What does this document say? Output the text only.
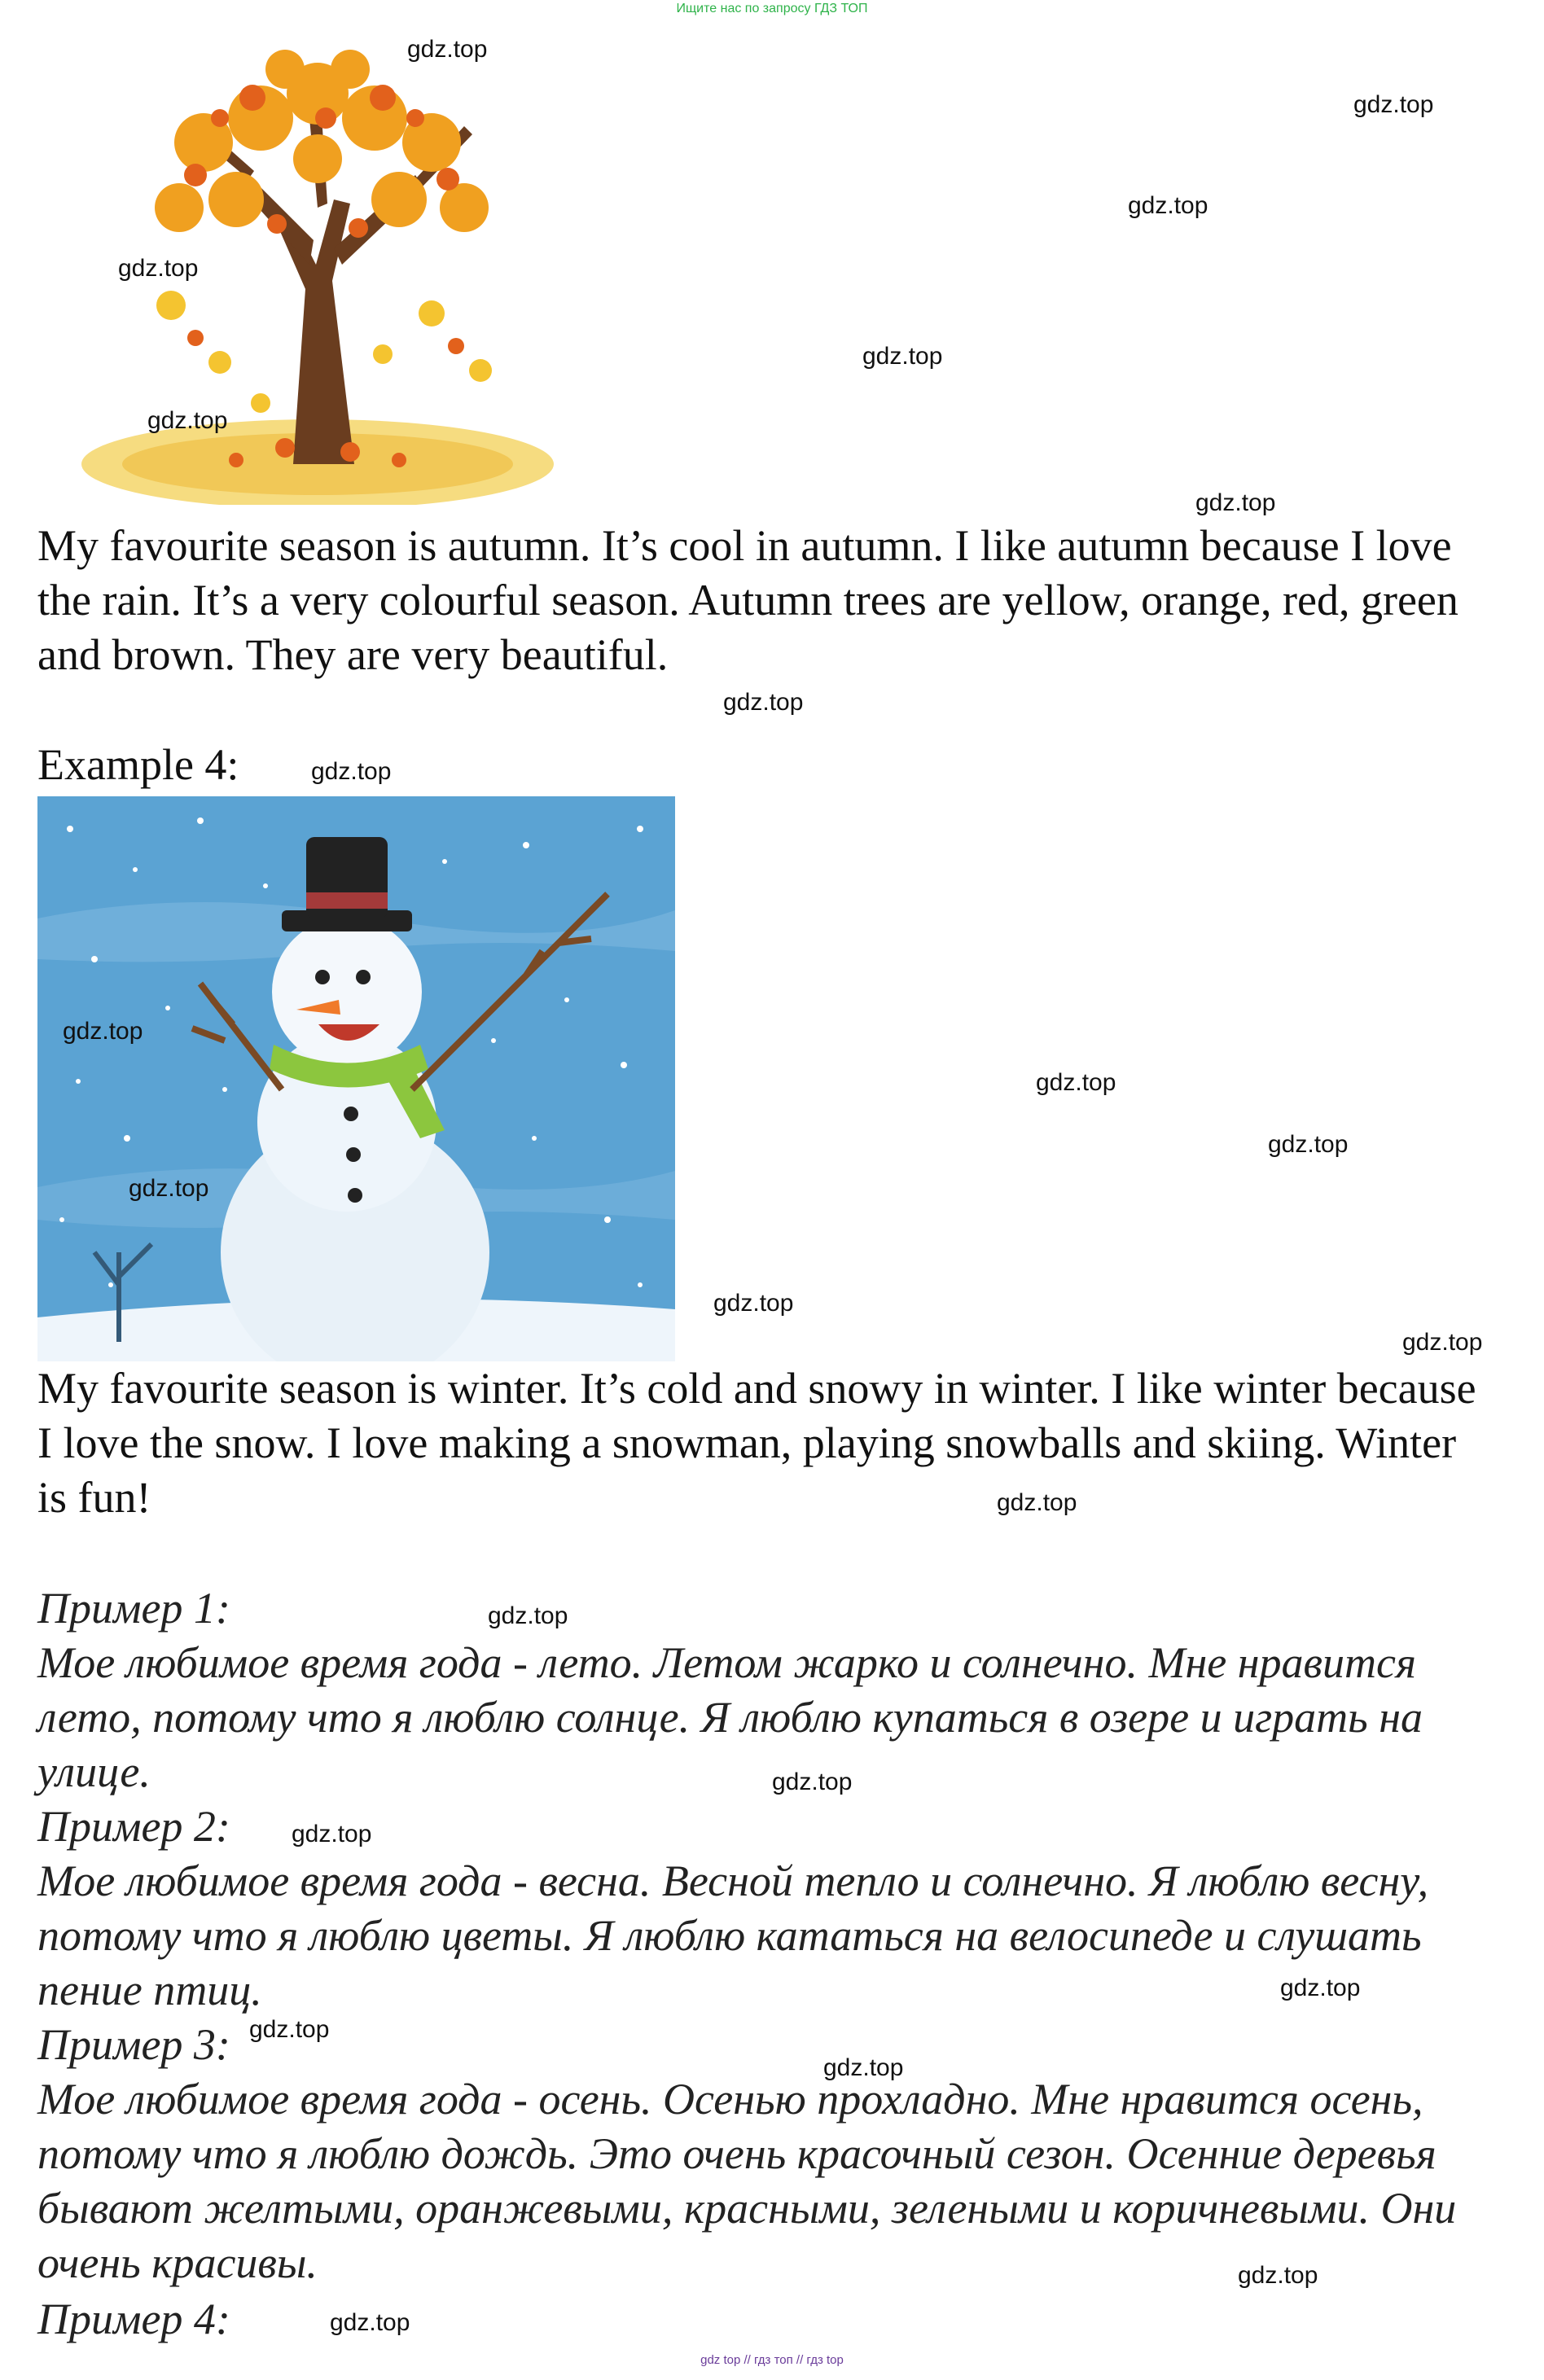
Ищите нас по запросу ГДЗ ТОП
gdz.top
gdz.top
gdz.top
gdz.top
gdz.top
gdz.top
gdz.top

My favourite season is autumn. It’s cool in autumn. I like autumn because I love the rain. It’s a very colourful season. Autumn trees are yellow, orange, red, green and brown. They are very beautiful.

gdz.top

Example 4:	gdz.top
gdz.top
gdz.top
gdz.top
gdz.top
gdz.top
gdz.top

My favourite season is winter. It’s cold and snowy in winter. I like winter because I love the snow. I love making a snowman, playing snowballs and skiing. Winter is fun!	gdz.top

Пример 1:	gdz.top

Мое любимое время года - лето. Летом жарко и солнечно. Мне нравится лето, потому что я люблю солнце. Я люблю купаться в озере и играть на улице.	gdz.top

Пример 2:	gdz.top

Мое любимое время года - весна. Весной тепло и солнечно. Я люблю весну, потому что я люблю цветы. Я люблю кататься на велосипеде и слушать пение птиц.	gdz.top

Пример 3: gdz.top
gdz.top

Мое любимое время года - осень. Осенью прохладно. Мне нравится осень, потому что я люблю дождь. Это очень красочный сезон. Осенние деревья бывают желтыми, оранжевыми, красными, зелеными и коричневыми. Они очень красивы.	gdz.top

Пример 4:	gdz.top
gdz top // гдз топ // гдз top
